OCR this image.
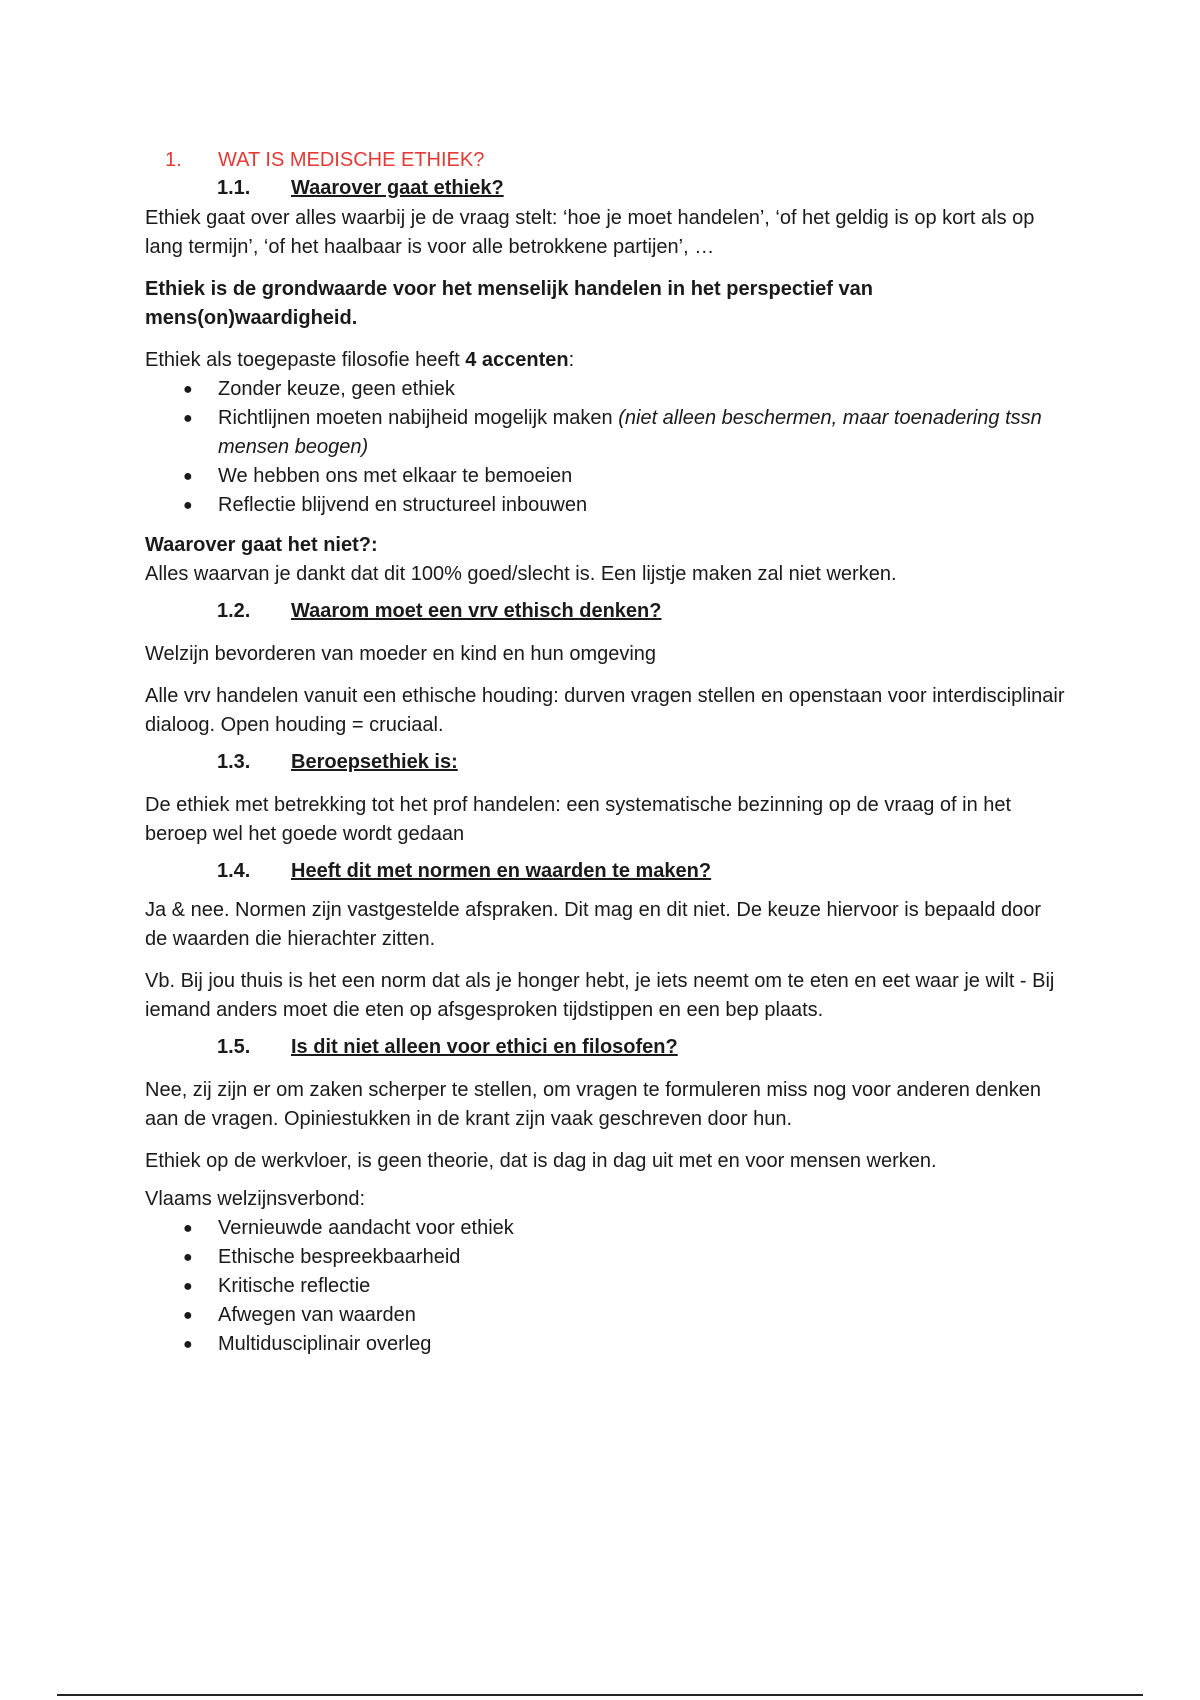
1.	WAT IS MEDISCHE ETHIEK?
1.1.	Waarover gaat ethiek?

Ethiek gaat over alles waarbij je de vraag stelt: ‘hoe je moet handelen’, ‘of het geldig is op kort als op lang termijn’, ‘of het haalbaar is voor alle betrokkene partijen’, …

Ethiek is de grondwaarde voor het menselijk handelen in het perspectief van mens(on)waardigheid.

Ethiek als toegepaste filosofie heeft 4 accenten:

● Zonder keuze, geen ethiek
● Richtlijnen moeten nabijheid mogelijk maken (niet alleen beschermen, maar toenadering tssn mensen beogen)
● We hebben ons met elkaar te bemoeien
● Reflectie blijvend en structureel inbouwen

Waarover gaat het niet?:

Alles waarvan je dankt dat dit 100% goed/slecht is. Een lijstje maken zal niet werken.

1.2.	Waarom moet een vrv ethisch denken?

Welzijn bevorderen van moeder en kind en hun omgeving

Alle vrv handelen vanuit een ethische houding: durven vragen stellen en openstaan voor interdisciplinair dialoog. Open houding = cruciaal.

1.3.	Beroepsethiek is:

De ethiek met betrekking tot het prof handelen: een systematische bezinning op de vraag of in het beroep wel het goede wordt gedaan

1.4.	Heeft dit met normen en waarden te maken?

Ja & nee. Normen zijn vastgestelde afspraken. Dit mag en dit niet. De keuze hiervoor is bepaald door de waarden die hierachter zitten.

Vb. Bij jou thuis is het een norm dat als je honger hebt, je iets neemt om te eten en eet waar je wilt - Bij iemand anders moet die eten op afsgesproken tijdstippen en een bep plaats.

1.5.	Is dit niet alleen voor ethici en filosofen?

Nee, zij zijn er om zaken scherper te stellen, om vragen te formuleren miss nog voor anderen denken aan de vragen. Opiniestukken in de krant zijn vaak geschreven door hun.

Ethiek op de werkvloer, is geen theorie, dat is dag in dag uit met en voor mensen werken.

Vlaams welzijnsverbond:

● Vernieuwde aandacht voor ethiek
● Ethische bespreekbaarheid
● Kritische reflectie
● Afwegen van waarden
● Multidusciplinair overleg
